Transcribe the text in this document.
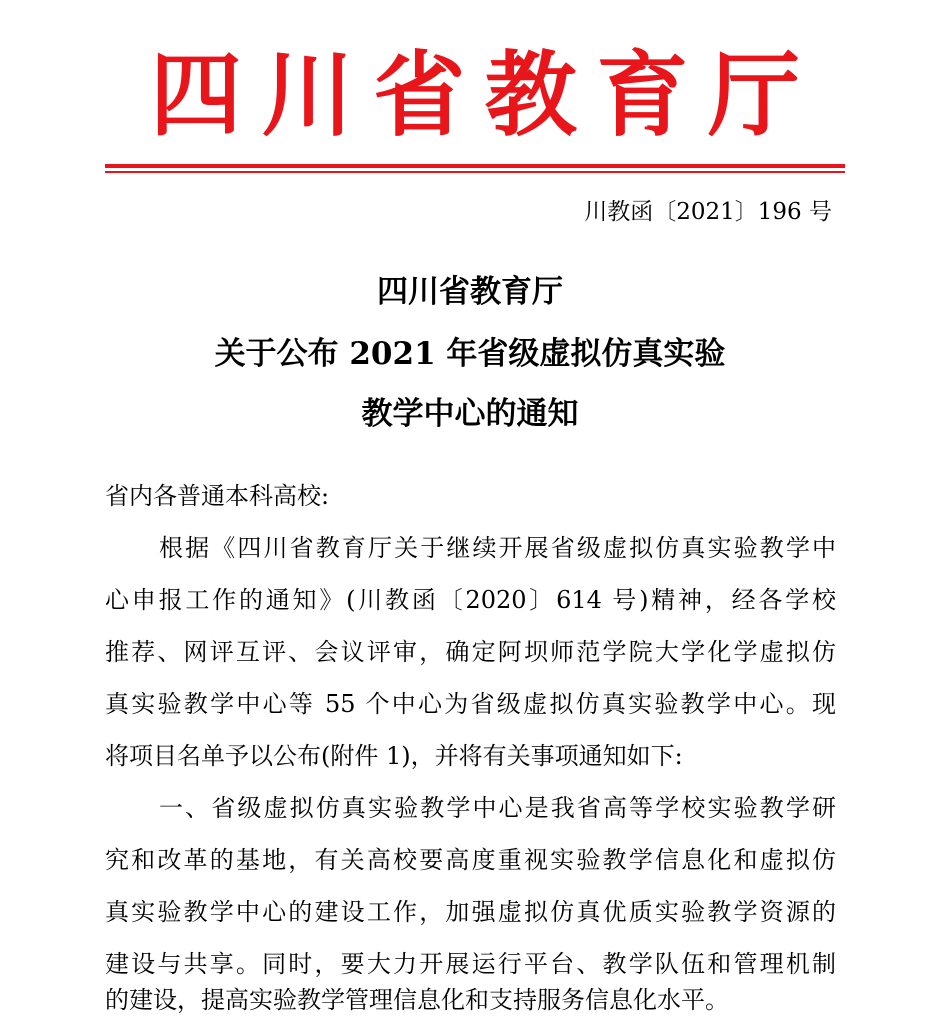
四 川 省 教 育 厅
川教函〔2021〕196 号
四川省教育厅
关于公布 2021 年省级虚拟仿真实验
教学中心的通知
省内各普通本科高校:
根据《四川省教育厅关于继续开展省级虚拟仿真实验教学中
心申报工作的通知》(川教函〔2020〕614 号)精神，经各学校
推荐、网评互评、会议评审，确定阿坝师范学院大学化学虚拟仿
真实验教学中心等 55 个中心为省级虚拟仿真实验教学中心。现
将项目名单予以公布(附件 1)，并将有关事项通知如下:
一、省级虚拟仿真实验教学中心是我省高等学校实验教学研
究和改革的基地，有关高校要高度重视实验教学信息化和虚拟仿
真实验教学中心的建设工作，加强虚拟仿真优质实验教学资源的
建设与共享。同时，要大力开展运行平台、教学队伍和管理机制
的建设，提高实验教学管理信息化和支持服务信息化水平。
